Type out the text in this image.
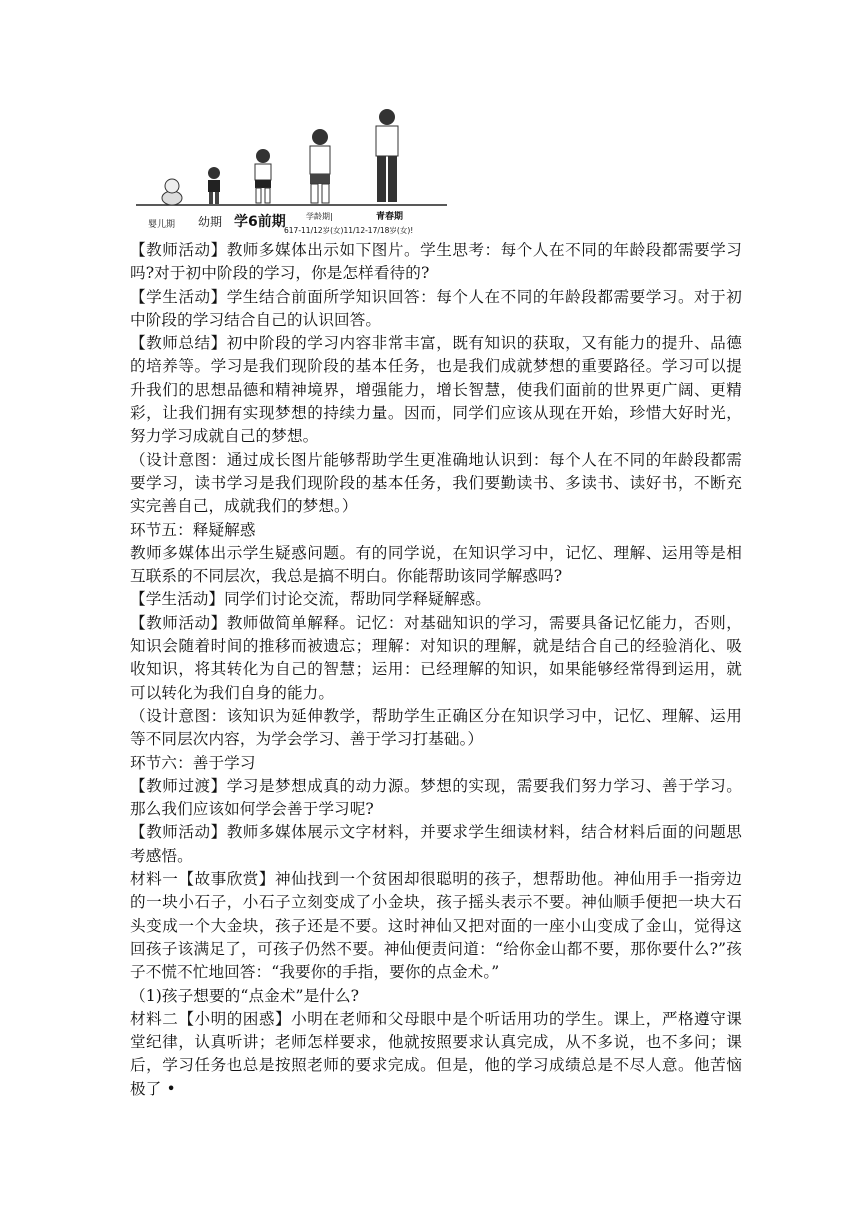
婴儿期 幼期 学6前期	学龄期|	青春期
617-11/12岁(女)11/12-17/18岁(女)!

【教师活动】教师多媒体出示如下图片。学生思考：每个人在不同的年龄段都需要学习吗?对于初中阶段的学习，你是怎样看待的?

【学生活动】学生结合前面所学知识回答：每个人在不同的年龄段都需要学习。对于初中阶段的学习结合自己的认识回答。

【教师总结】初中阶段的学习内容非常丰富，既有知识的获取，又有能力的提升、品德的培养等。学习是我们现阶段的基本任务，也是我们成就梦想的重要路径。学习可以提升我们的思想品德和精神境界，增强能力，增长智慧，使我们面前的世界更广阔、更精彩，让我们拥有实现梦想的持续力量。因而，同学们应该从现在开始，珍惜大好时光，努力学习成就自己的梦想。

（设计意图：通过成长图片能够帮助学生更准确地认识到：每个人在不同的年龄段都需要学习，读书学习是我们现阶段的基本任务，我们要勤读书、多读书、读好书，不断充实完善自己，成就我们的梦想。）

环节五：释疑解惑

教师多媒体出示学生疑惑问题。有的同学说，在知识学习中，记忆、理解、运用等是相互联系的不同层次，我总是搞不明白。你能帮助该同学解惑吗?

【学生活动】同学们讨论交流，帮助同学释疑解惑。

【教师活动】教师做简单解释。记忆：对基础知识的学习，需要具备记忆能力，否则，知识会随着时间的推移而被遗忘；理解：对知识的理解，就是结合自己的经验消化、吸收知识，将其转化为自己的智慧；运用：已经理解的知识，如果能够经常得到运用，就可以转化为我们自身的能力。

（设计意图：该知识为延伸教学，帮助学生正确区分在知识学习中，记忆、理解、运用等不同层次内容，为学会学习、善于学习打基础。）

环节六：善于学习

【教师过渡】学习是梦想成真的动力源。梦想的实现，需要我们努力学习、善于学习。那么我们应该如何学会善于学习呢?

【教师活动】教师多媒体展示文字材料，并要求学生细读材料，结合材料后面的问题思考感悟。

材料一【故事欣赏】神仙找到一个贫困却很聪明的孩子，想帮助他。神仙用手一指旁边的一块小石子，小石子立刻变成了小金块，孩子摇头表示不要。神仙顺手便把一块大石头变成一个大金块，孩子还是不要。这时神仙又把对面的一座小山变成了金山，觉得这回孩子该满足了，可孩子仍然不要。神仙便责问道：“给你金山都不要，那你要什么?”孩子不慌不忙地回答：“我要你的手指，要你的点金术。”

（1)孩子想要的“点金术”是什么?

材料二【小明的困惑】小明在老师和父母眼中是个听话用功的学生。课上，严格遵守课堂纪律，认真听讲；老师怎样要求，他就按照要求认真完成，从不多说，也不多问；课后，学习任务也总是按照老师的要求完成。但是，他的学习成绩总是不尽人意。他苦恼极了 •
